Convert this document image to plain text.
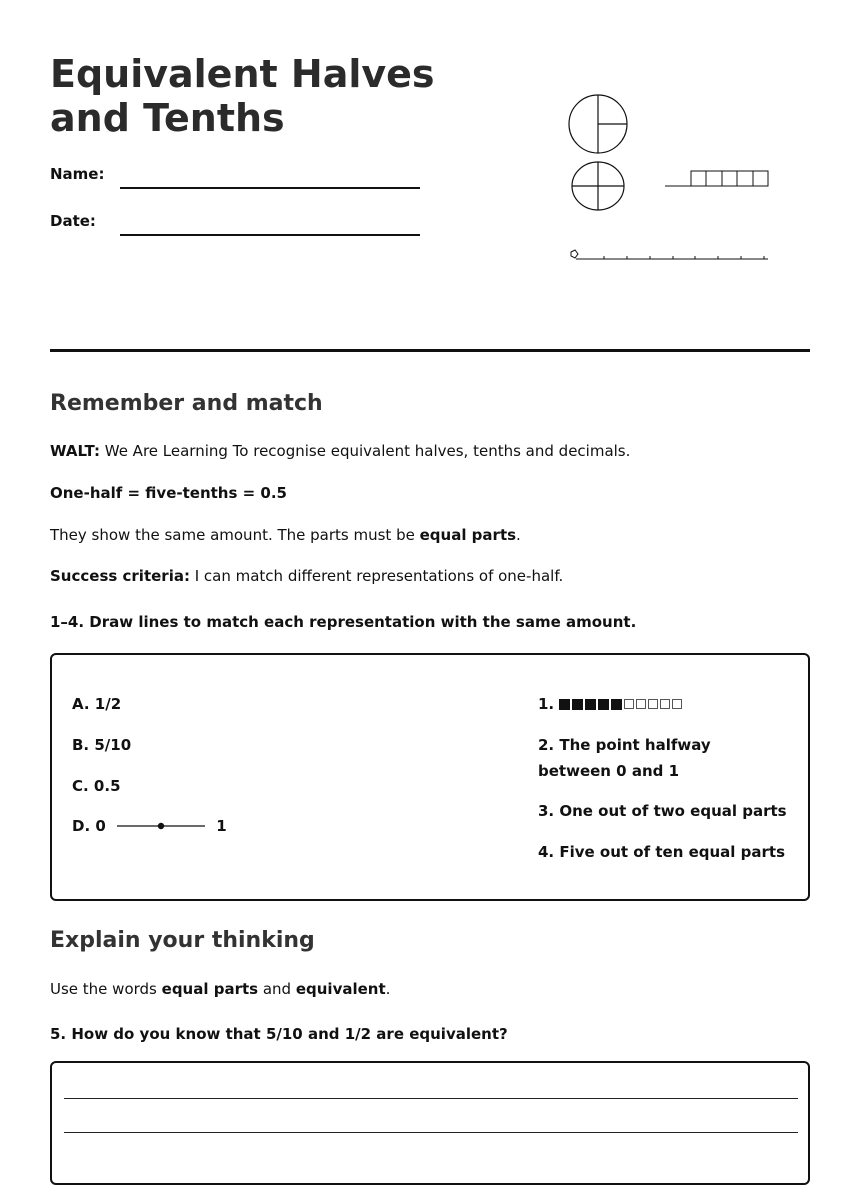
Equivalent Halves and Tenths
Name:
Date:
Remember and match

WALT: We Are Learning To recognise equivalent halves, tenths and decimals.

One-half = five-tenths = 0.5

They show the same amount. The parts must be equal parts.

Success criteria: I can match different representations of one-half.

1–4. Draw lines to match each representation with the same amount.

A. 1/2
B. 5/10
C. 0.5
D. 0	1
1.
2. The point halfway between 0 and 1
3. One out of two equal parts
4. Five out of ten equal parts
Explain your thinking

Use the words equal parts and equivalent.

5. How do you know that 5/10 and 1/2 are equivalent?
